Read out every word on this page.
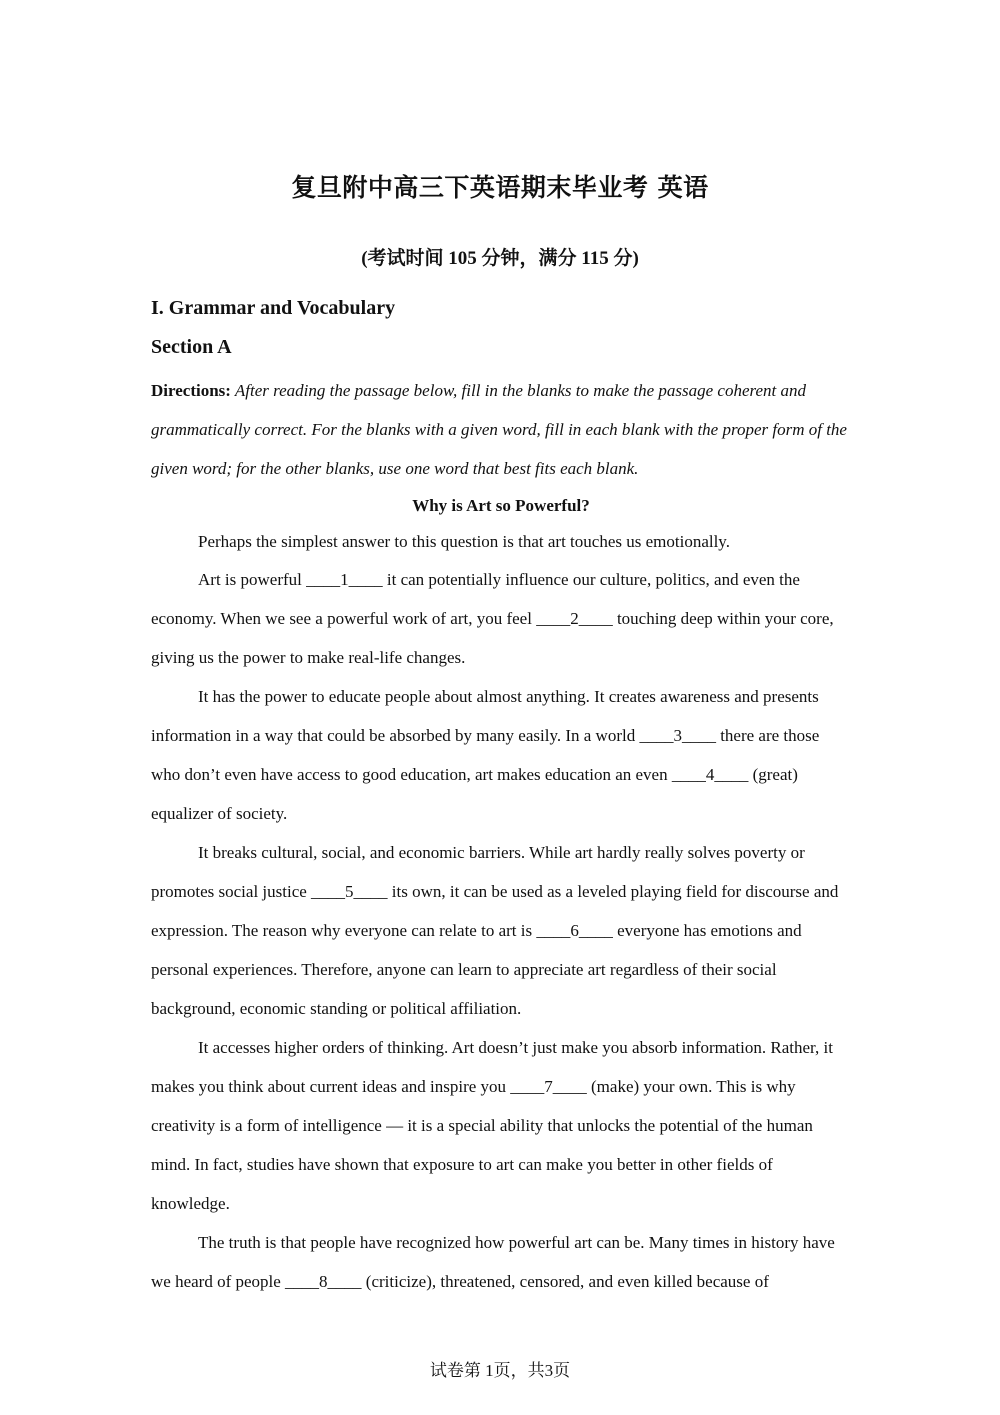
复旦附中高三下英语期末毕业考 英语
(考试时间 105 分钟，满分 115 分)
I. Grammar and Vocabulary
Section A

Directions: After reading the passage below, fill in the blanks to make the passage coherent and grammatically correct. For the blanks with a given word, fill in each blank with the proper form of the given word; for the other blanks, use one word that best fits each blank.

Why is Art so Powerful?

Perhaps the simplest answer to this question is that art touches us emotionally.

Art is powerful ____1____ it can potentially influence our culture, politics, and even the economy. When we see a powerful work of art, you feel ____2____ touching deep within your core, giving us the power to make real-life changes.

It has the power to educate people about almost anything. It creates awareness and presents information in a way that could be absorbed by many easily. In a world ____3____ there are those who don’t even have access to good education, art makes education an even ____4____ (great) equalizer of society.

It breaks cultural, social, and economic barriers. While art hardly really solves poverty or promotes social justice ____5____ its own, it can be used as a leveled playing field for discourse and expression. The reason why everyone can relate to art is ____6____ everyone has emotions and personal experiences. Therefore, anyone can learn to appreciate art regardless of their social background, economic standing or political affiliation.

It accesses higher orders of thinking. Art doesn’t just make you absorb information. Rather, it makes you think about current ideas and inspire you ____7____ (make) your own. This is why creativity is a form of intelligence — it is a special ability that unlocks the potential of the human mind. In fact, studies have shown that exposure to art can make you better in other fields of knowledge.

The truth is that people have recognized how powerful art can be. Many times in history have we heard of people ____8____ (criticize), threatened, censored, and even killed because of

试卷第 1页，共3页
